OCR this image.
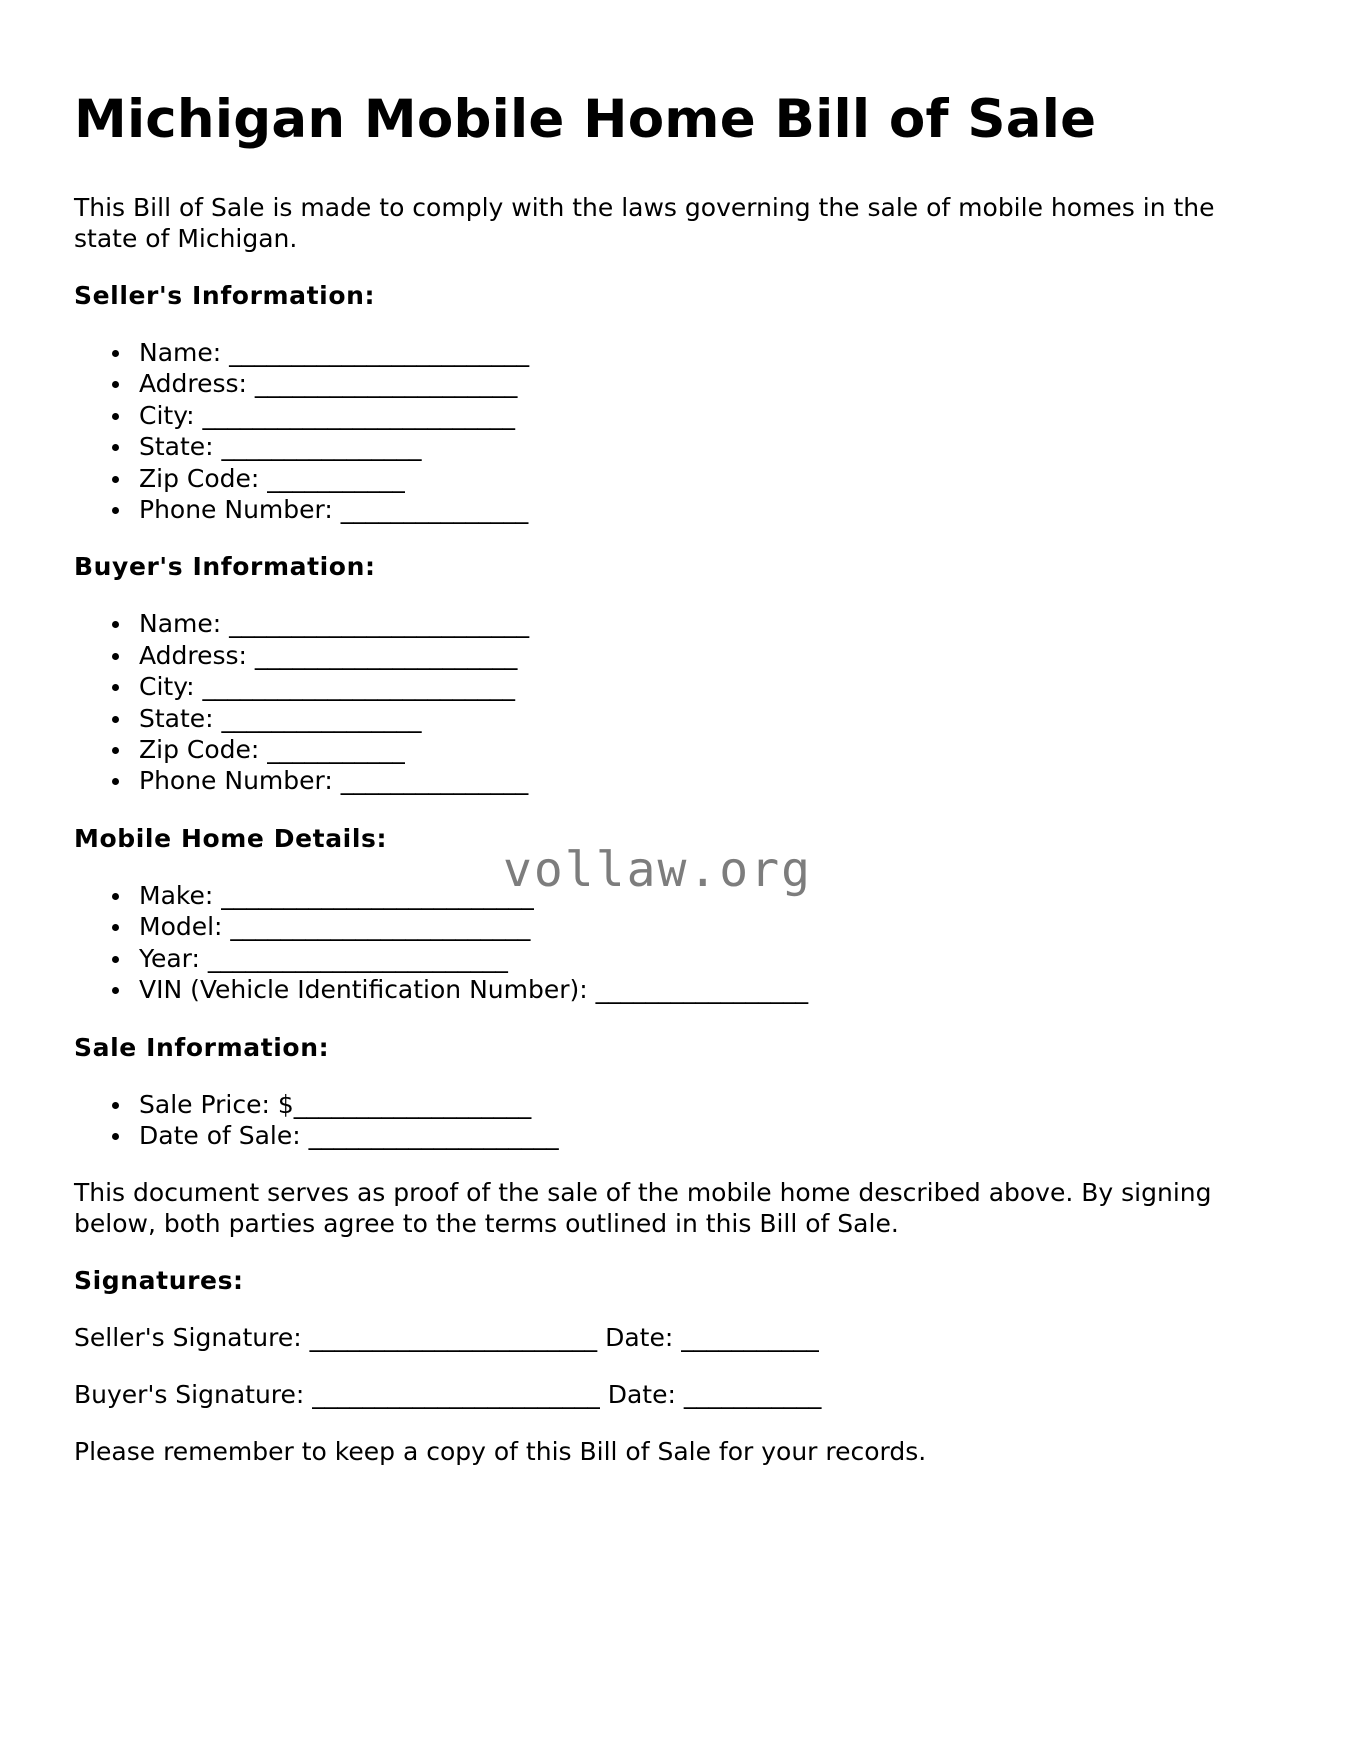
Michigan Mobile Home Bill of Sale

This Bill of Sale is made to comply with the laws governing the sale of mobile homes in the state of Michigan.

Seller's Information:
Name: ________________________
Address: _____________________
City: _________________________
State: ________________
Zip Code: ___________
Phone Number: _______________
Buyer's Information:
Name: ________________________
Address: _____________________
City: _________________________
State: ________________
Zip Code: ___________
Phone Number: _______________
Mobile Home Details:
Make: _________________________
Model: ________________________
Year: ________________________
VIN (Vehicle Identification Number): _________________
Sale Information:
Sale Price: $___________________
Date of Sale: ____________________

This document serves as proof of the sale of the mobile home described above. By signing below, both parties agree to the terms outlined in this Bill of Sale.

Signatures:

Seller's Signature: _______________________ Date: ___________

Buyer's Signature: _______________________ Date: ___________

Please remember to keep a copy of this Bill of Sale for your records.

vollaw.org
